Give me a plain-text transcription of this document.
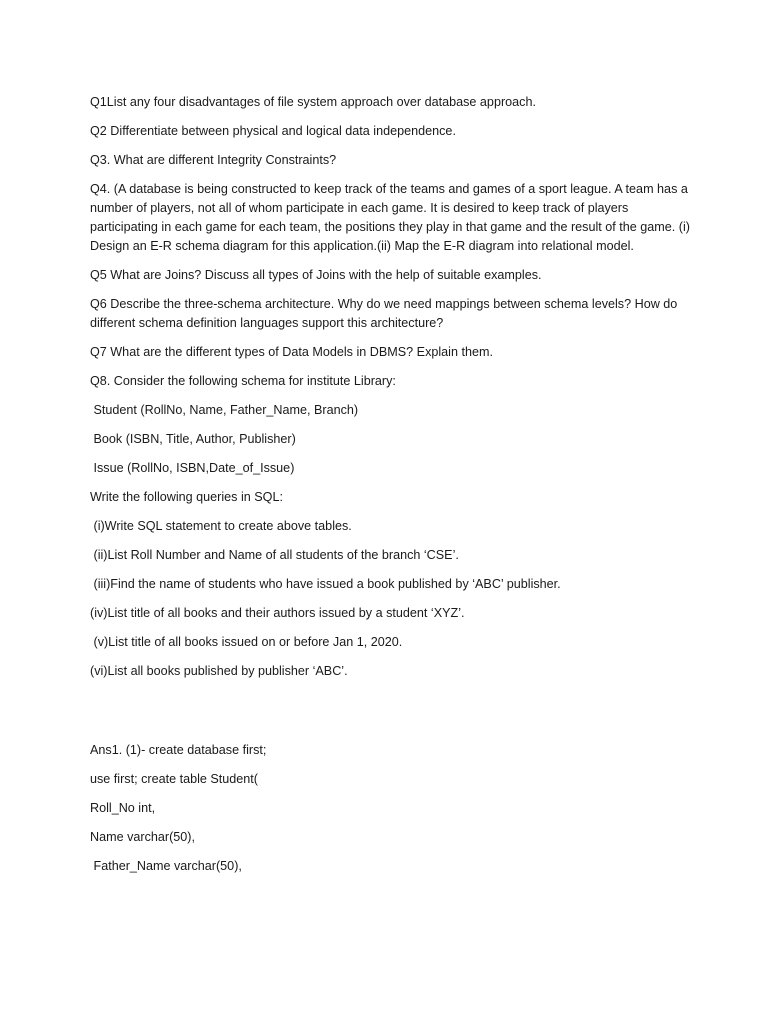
Q1List any four disadvantages of file system approach over database approach.

Q2 Differentiate between physical and logical data independence.

Q3. What are different Integrity Constraints?

Q4. (A database is being constructed to keep track of the teams and games of a sport league. A team has a number of players, not all of whom participate in each game. It is desired to keep track of players participating in each game for each team, the positions they play in that game and the result of the game. (i) Design an E-R schema diagram for this application.(ii) Map the E-R diagram into relational model.

Q5 What are Joins? Discuss all types of Joins with the help of suitable examples.

Q6 Describe the three-schema architecture. Why do we need mappings between schema levels? How do different schema definition languages support this architecture?

Q7 What are the different types of Data Models in DBMS? Explain them.

Q8. Consider the following schema for institute Library:

Student (RollNo, Name, Father_Name, Branch)

Book (ISBN, Title, Author, Publisher)

Issue (RollNo, ISBN,Date_of_Issue)

Write the following queries in SQL:

(i)Write SQL statement to create above tables.

(ii)List Roll Number and Name of all students of the branch ‘CSE’.

(iii)Find the name of students who have issued a book published by ‘ABC’ publisher.

(iv)List title of all books and their authors issued by a student ‘XYZ’.

(v)List title of all books issued on or before Jan 1, 2020.

(vi)List all books published by publisher ‘ABC’.

Ans1. (1)- create database first;

use first; create table Student(

Roll_No int,

Name varchar(50),

Father_Name varchar(50),
